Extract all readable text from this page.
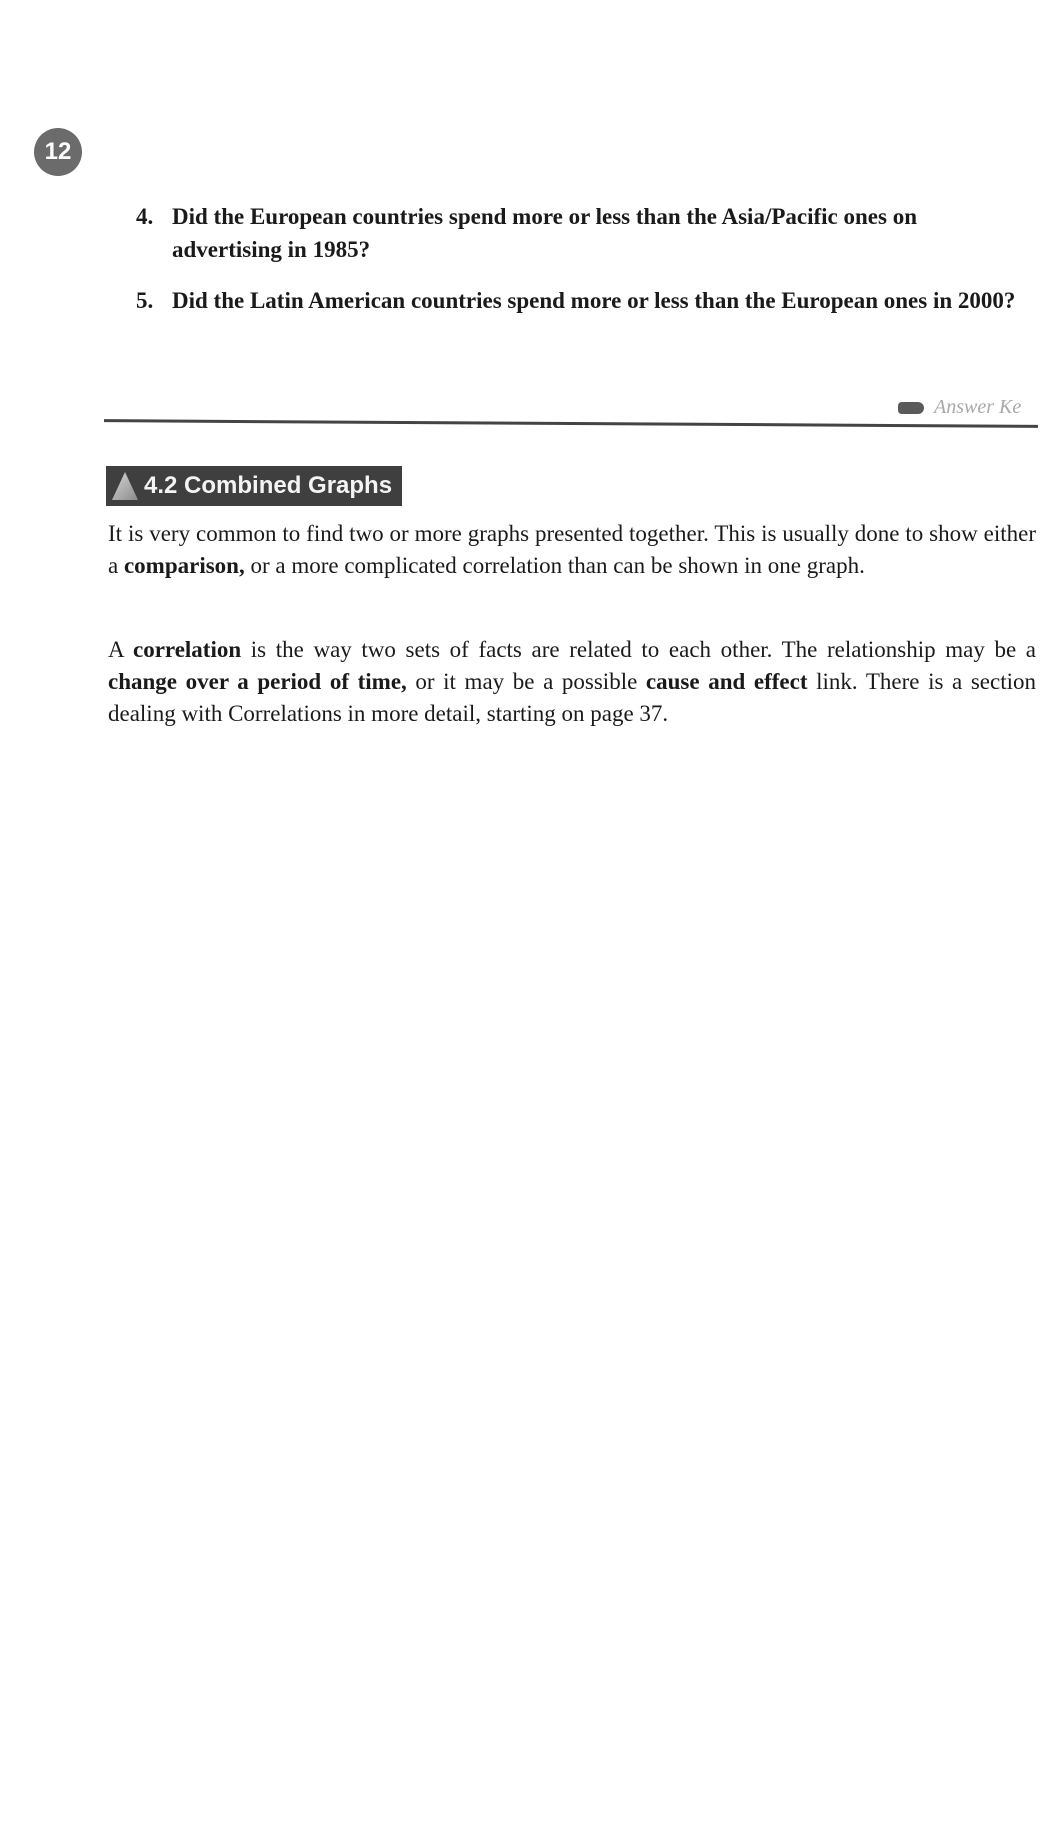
12
4. Did the European countries spend more or less than the Asia/Pacific ones on advertising in 1985?
5. Did the Latin American countries spend more or less than the European ones in 2000?
Answer Ke
4.2 Combined Graphs

It is very common to find two or more graphs presented together. This is usually done to show either a comparison, or a more complicated correlation than can be shown in one graph.

A correlation is the way two sets of facts are related to each other. The relationship may be a change over a period of time, or it may be a possible cause and effect link. There is a section dealing with Correlations in more detail, starting on page 37.
